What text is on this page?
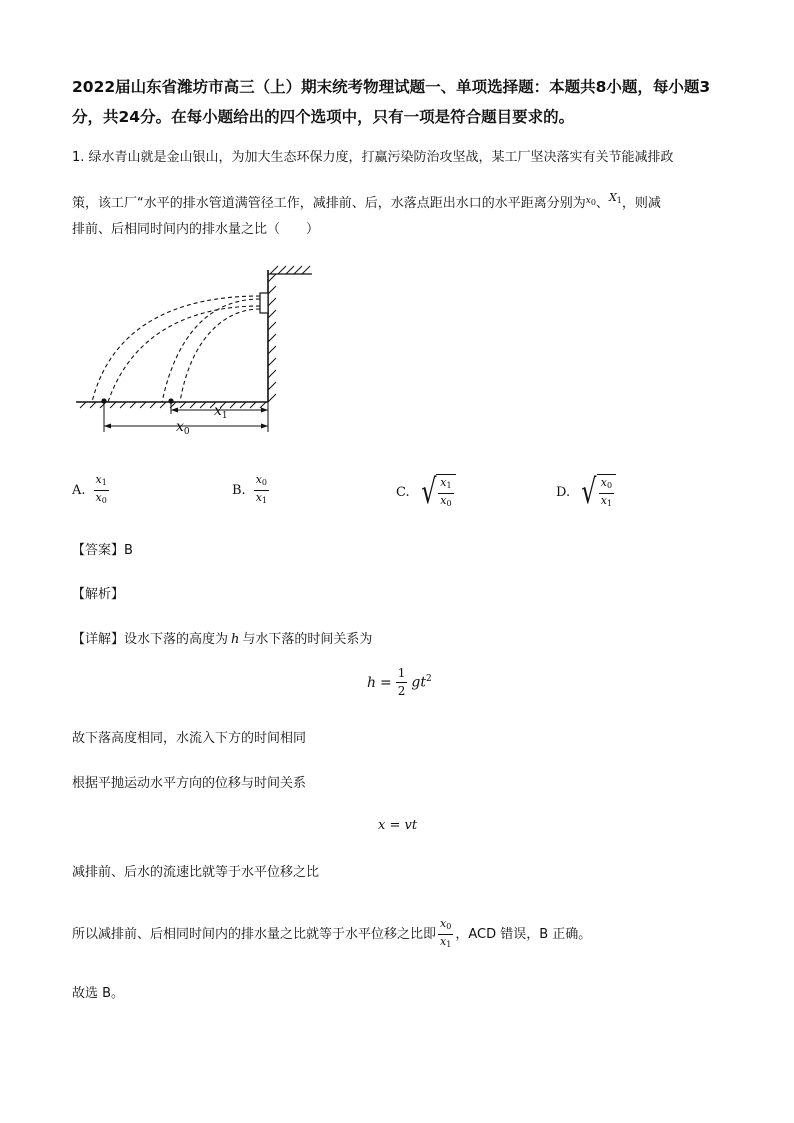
2022届山东省潍坊市高三（上）期末统考物理试题一、单项选择题：本题共8小题，每小题3分，共24分。在每小题给出的四个选项中，只有一项是符合题目要求的。
1. 绿水青山就是金山银山，为加大生态环保力度，打赢污染防治攻坚战，某工厂坚决落实有关节能减排政
策，该工厂“水平的排水管道满管径工作，减排前、后，水落点距出水口的水平距离分别为$^{x0}$、$^{X_1}$，则减
排前、后相同时间内的排水量之比（　　）
$x_1$
$x_0$
A. $\frac{x_1}{x_0}$	B. $\frac{x_0}{x_1}$	C. √ $\frac{x_1}{x_0}$	D. √ $\frac{x_0}{x_1}$
【答案】B
【解析】
【详解】设水下落的高度为 h 与水下落的时间关系为
$h = \frac{1}{2} gt^2$
故下落高度相同，水流入下方的时间相同
根据平抛运动水平方向的位移与时间关系
x = vt
减排前、后水的流速比就等于水平位移之比
所以减排前、后相同时间内的排水量之比就等于水平位移之比即 $\frac{x_0}{x_1}$ ，ACD 错误，B 正确。
故选 B。
